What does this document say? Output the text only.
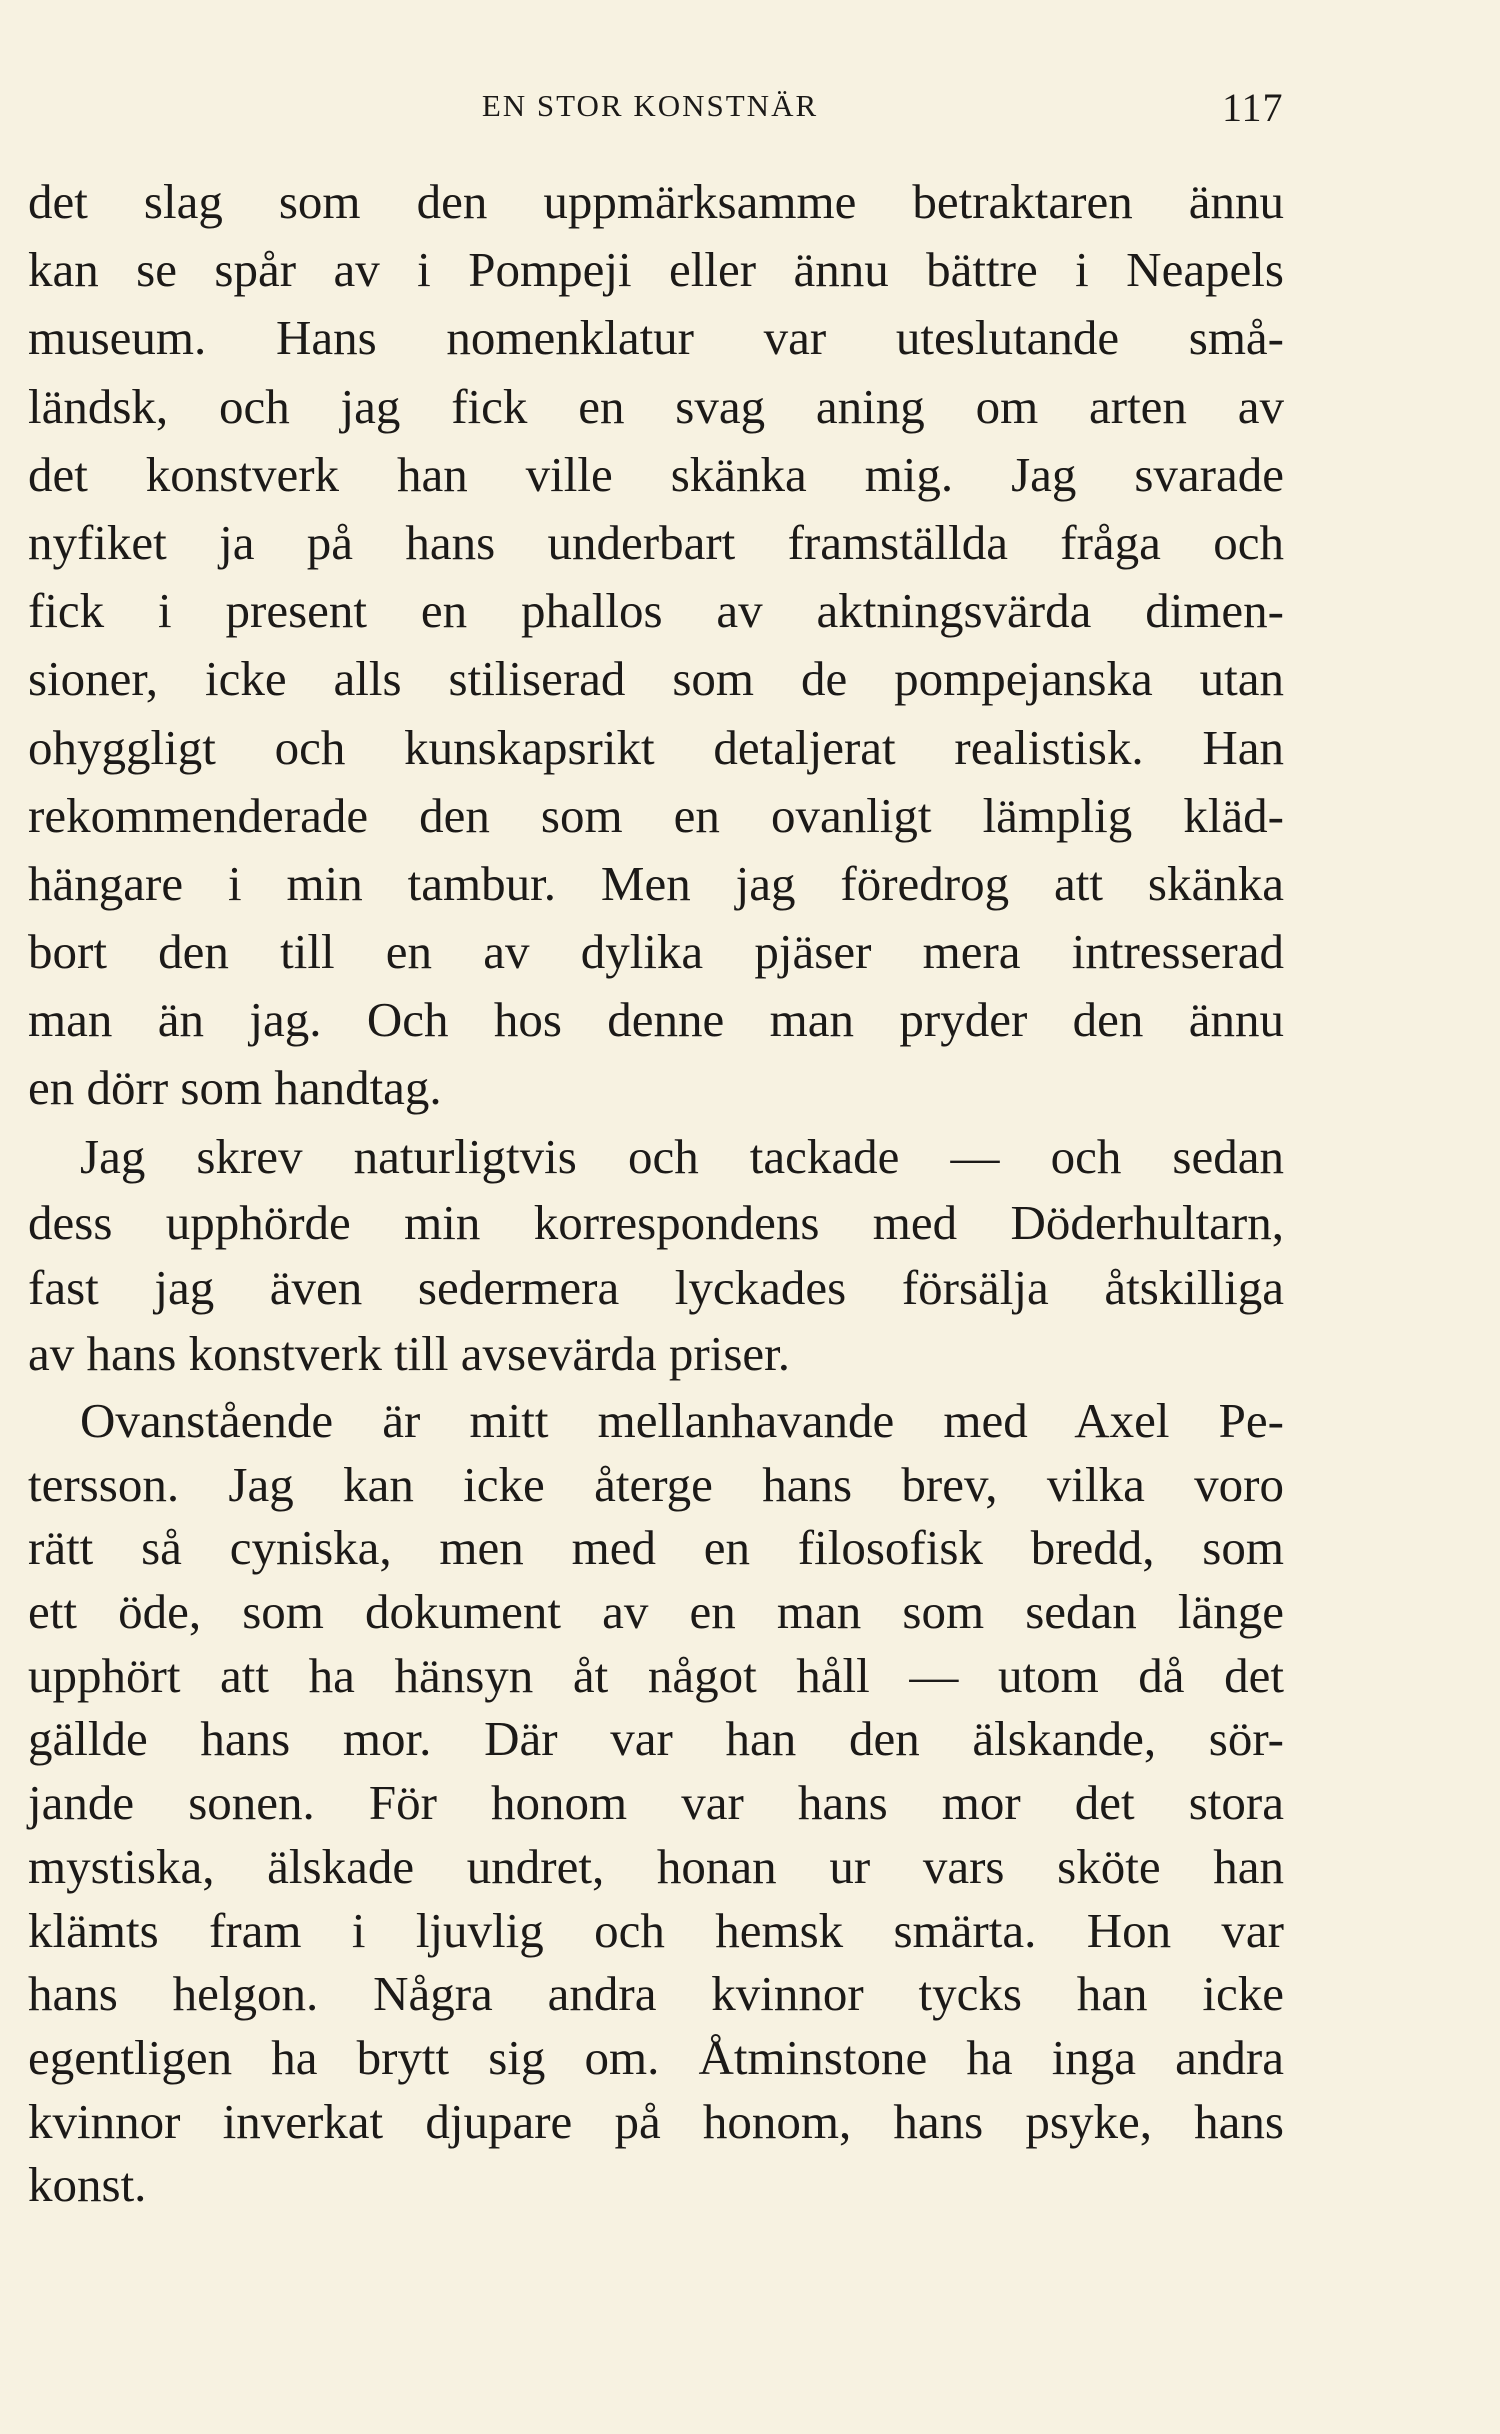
EN STOR KONSTNÄR	117
det slag som den uppmärksamme betraktaren ännu
kan se spår av i Pompeji eller ännu bättre i Neapels
museum. Hans nomenklatur var uteslutande små-
ländsk, och jag fick en svag aning om arten av
det konstverk han ville skänka mig. Jag svarade
nyfiket ja på hans underbart framställda fråga och
fick i present en phallos av aktningsvärda dimen-
sioner, icke alls stiliserad som de pompejanska utan
ohyggligt och kunskapsrikt detaljerat realistisk. Han
rekommenderade den som en ovanligt lämplig kläd-
hängare i min tambur. Men jag föredrog att skänka
bort den till en av dylika pjäser mera intresserad
man än jag. Och hos denne man pryder den ännu
en dörr som handtag.
Jag skrev naturligtvis och tackade — och sedan
dess upphörde min korrespondens med Döderhultarn,
fast jag även sedermera lyckades försälja åtskilliga
av hans konstverk till avsevärda priser.
Ovanstående är mitt mellanhavande med Axel Pe-
tersson. Jag kan icke återge hans brev, vilka voro
rätt så cyniska, men med en filosofisk bredd, som
ett öde, som dokument av en man som sedan länge
upphört att ha hänsyn åt något håll — utom då det
gällde hans mor. Där var han den älskande, sör-
jande sonen. För honom var hans mor det stora
mystiska, älskade undret, honan ur vars sköte han
klämts fram i ljuvlig och hemsk smärta. Hon var
hans helgon. Några andra kvinnor tycks han icke
egentligen ha brytt sig om. Åtminstone ha inga andra
kvinnor inverkat djupare på honom, hans psyke, hans
konst.
